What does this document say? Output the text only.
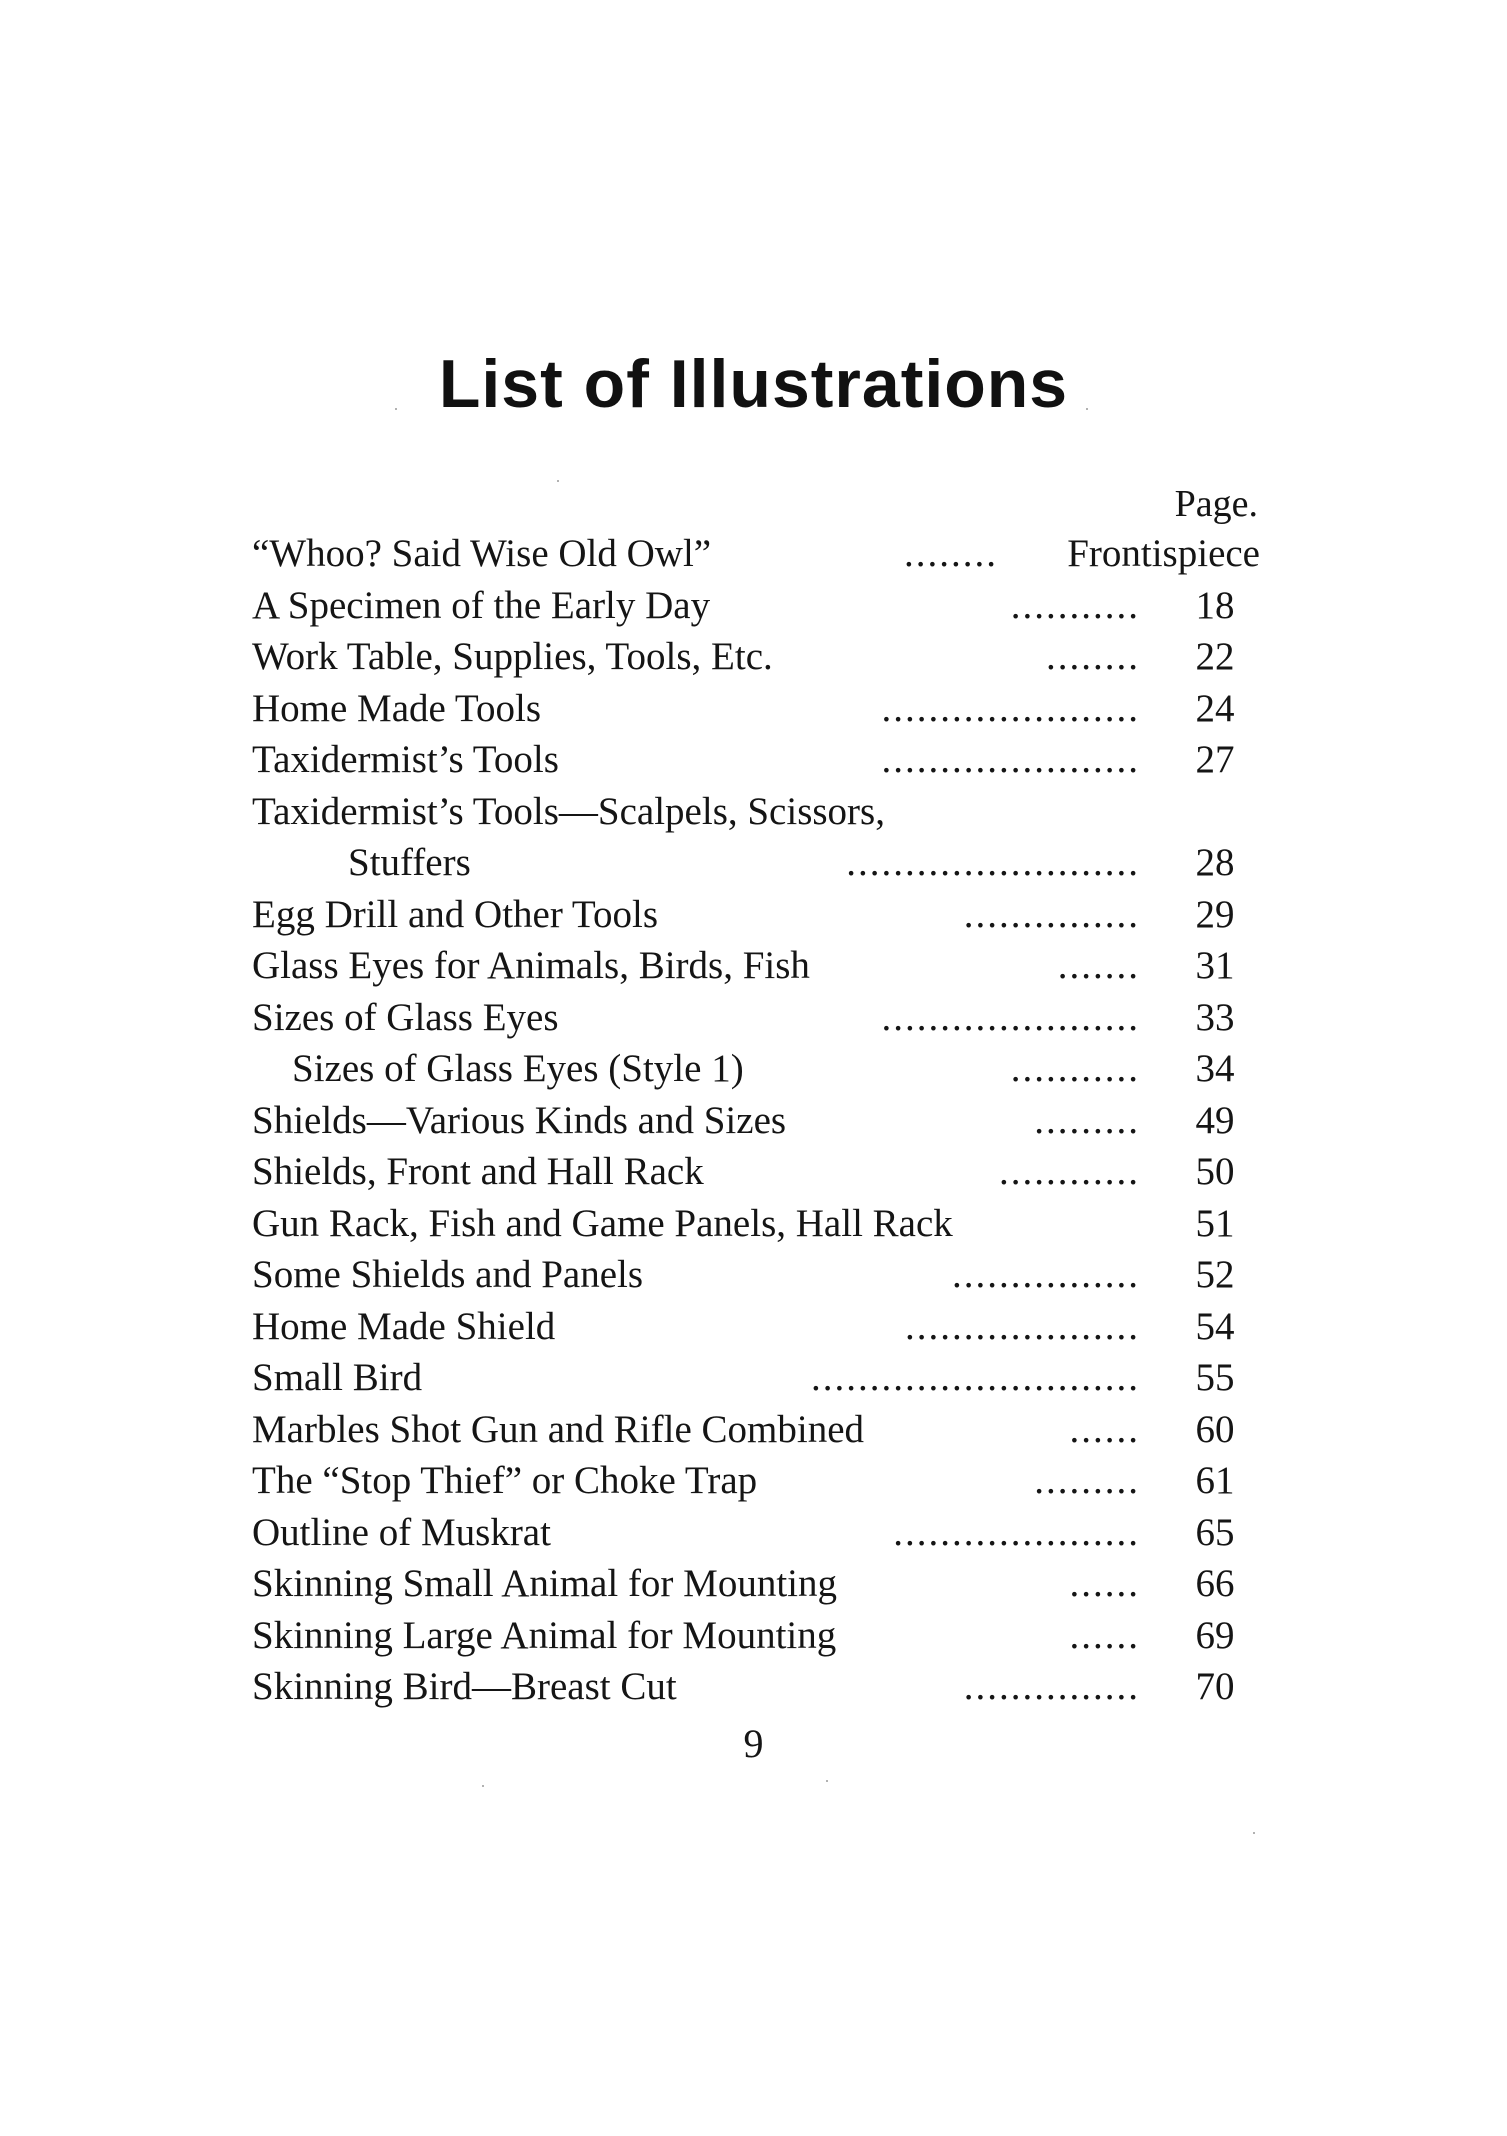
List of Illustrations
Page.
“Whoo? Said Wise Old Owl”	........ Frontispiece
A Specimen of the Early Day	...........	18
Work Table, Supplies, Tools, Etc.	........	22
Home Made Tools	......................	24
Taxidermist’s Tools	......................	27
Taxidermist’s Tools—Scalpels, Scissors,
Stuffers	.........................	28
Egg Drill and Other Tools	...............	29
Glass Eyes for Animals, Birds, Fish	.......	31
Sizes of Glass Eyes	......................	33
Sizes of Glass Eyes (Style 1)	...........	34
Shields—Various Kinds and Sizes	.........	49
Shields, Front and Hall Rack	............	50
Gun Rack, Fish and Game Panels, Hall Rack	51
Some Shields and Panels	................	52
Home Made Shield	....................	54
Small Bird	............................	55
Marbles Shot Gun and Rifle Combined	......	60
The “Stop Thief” or Choke Trap	.........	61
Outline of Muskrat	.....................	65
Skinning Small Animal for Mounting	......	66
Skinning Large Animal for Mounting	......	69
Skinning Bird—Breast Cut	...............	70
9
